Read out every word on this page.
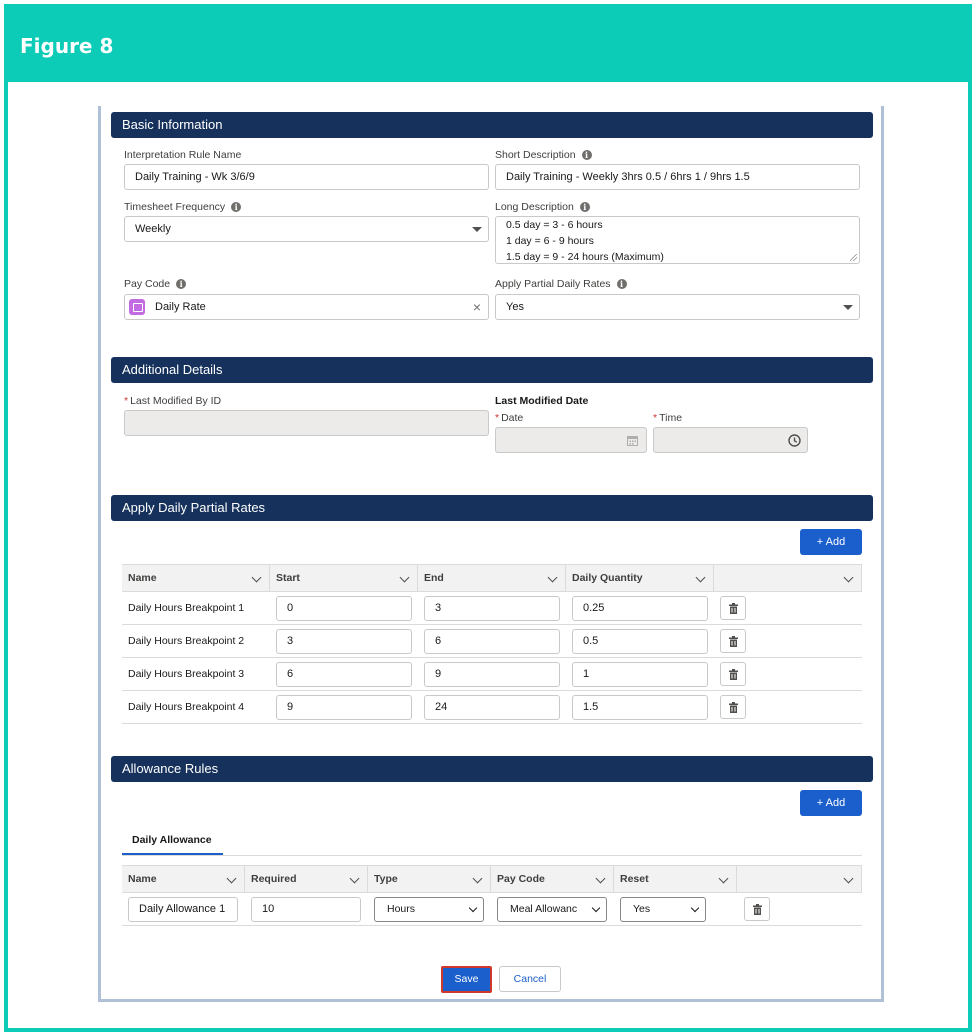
Figure 8
Basic Information
Interpretation Rule Name
Daily Training - Wk 3/6/9
Short Description	i
Daily Training - Weekly 3hrs 0.5 / 6hrs 1 / 9hrs 1.5
Timesheet Frequency	i
Weekly
Long Description	i
0.5 day = 3 - 6 hours
1 day = 6 - 9 hours
1.5 day = 9 - 24 hours (Maximum)
Pay Code	i
Daily Rate	×
Apply Partial Daily Rates	i
Yes
Additional Details
* Last Modified By ID	Last Modified Date
* Date	* Time
Apply Daily Partial Rates
+ Add
Name	Start	End	Daily Quantity
Daily Hours Breakpoint 1	0	3	0.25
Daily Hours Breakpoint 2	3	6	0.5
Daily Hours Breakpoint 3	6	9	1
Daily Hours Breakpoint 4	9	24	1.5
Allowance Rules
+ Add
Daily Allowance
Name	Required	Type	Pay Code	Reset
Daily Allowance 1	10	Hours	Meal Allowanc	Yes
Save	Cancel
